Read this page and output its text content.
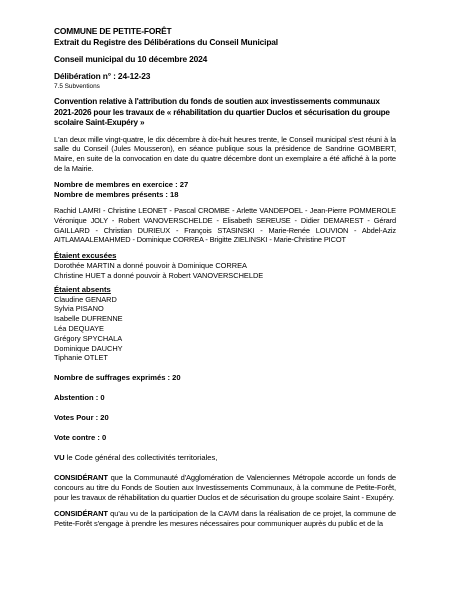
COMMUNE DE PETITE-FORÊT
Extrait du Registre des Délibérations du Conseil Municipal
Conseil municipal du 10 décembre 2024
Délibération n° : 24-12-23
7.5 Subventions
Convention relative à l'attribution du fonds de soutien aux investissements communaux 2021-2026 pour les travaux de « réhabilitation du quartier Duclos et sécurisation du groupe scolaire Saint-Exupéry »
L'an deux mille vingt-quatre, le dix décembre à dix-huit heures trente, le Conseil municipal s'est réuni à la salle du Conseil (Jules Mousseron), en séance publique sous la présidence de Sandrine GOMBERT, Maire, en suite de la convocation en date du quatre décembre dont un exemplaire a été affiché à la porte de la Mairie.
Nombre de membres en exercice : 27
Nombre de membres présents : 18
Rachid LAMRI - Christine LEONET - Pascal CROMBE - Arlette VANDEPOEL - Jean-Pierre POMMEROLE Véronique JOLY - Robert VANOVERSCHELDE - Elisabeth SEREUSE - Didier DEMAREST - Gérard GAILLARD - Christian DURIEUX - François STASINSKI - Marie-Renée LOUVION - Abdel-Aziz AITLAMAALEMAHMED - Dominique CORREA - Brigitte ZIELINSKI - Marie-Christine PICOT
Étaient excusées
Dorothée MARTIN a donné pouvoir à Dominique CORREA
Christine HUET a donné pouvoir à Robert VANOVERSCHELDE
Étaient absents
Claudine GENARD
Sylvia PISANO
Isabelle DUFRENNE
Léa DEQUAYE
Grégory SPYCHALA
Dominique DAUCHY
Tiphanie OTLET
Nombre de suffrages exprimés : 20
Abstention : 0
Votes Pour : 20
Vote contre : 0
VU le Code général des collectivités territoriales,
CONSIDÉRANT que la Communauté d'Agglomération de Valenciennes Métropole accorde un fonds de concours au titre du Fonds de Soutien aux Investissements Communaux, à la commune de Petite-Forêt, pour les travaux de réhabilitation du quartier Duclos et de sécurisation du groupe scolaire Saint - Exupéry.
CONSIDÉRANT qu'au vu de la participation de la CAVM dans la réalisation de ce projet, la commune de Petite-Forêt s'engage à prendre les mesures nécessaires pour communiquer auprès du public et de la
